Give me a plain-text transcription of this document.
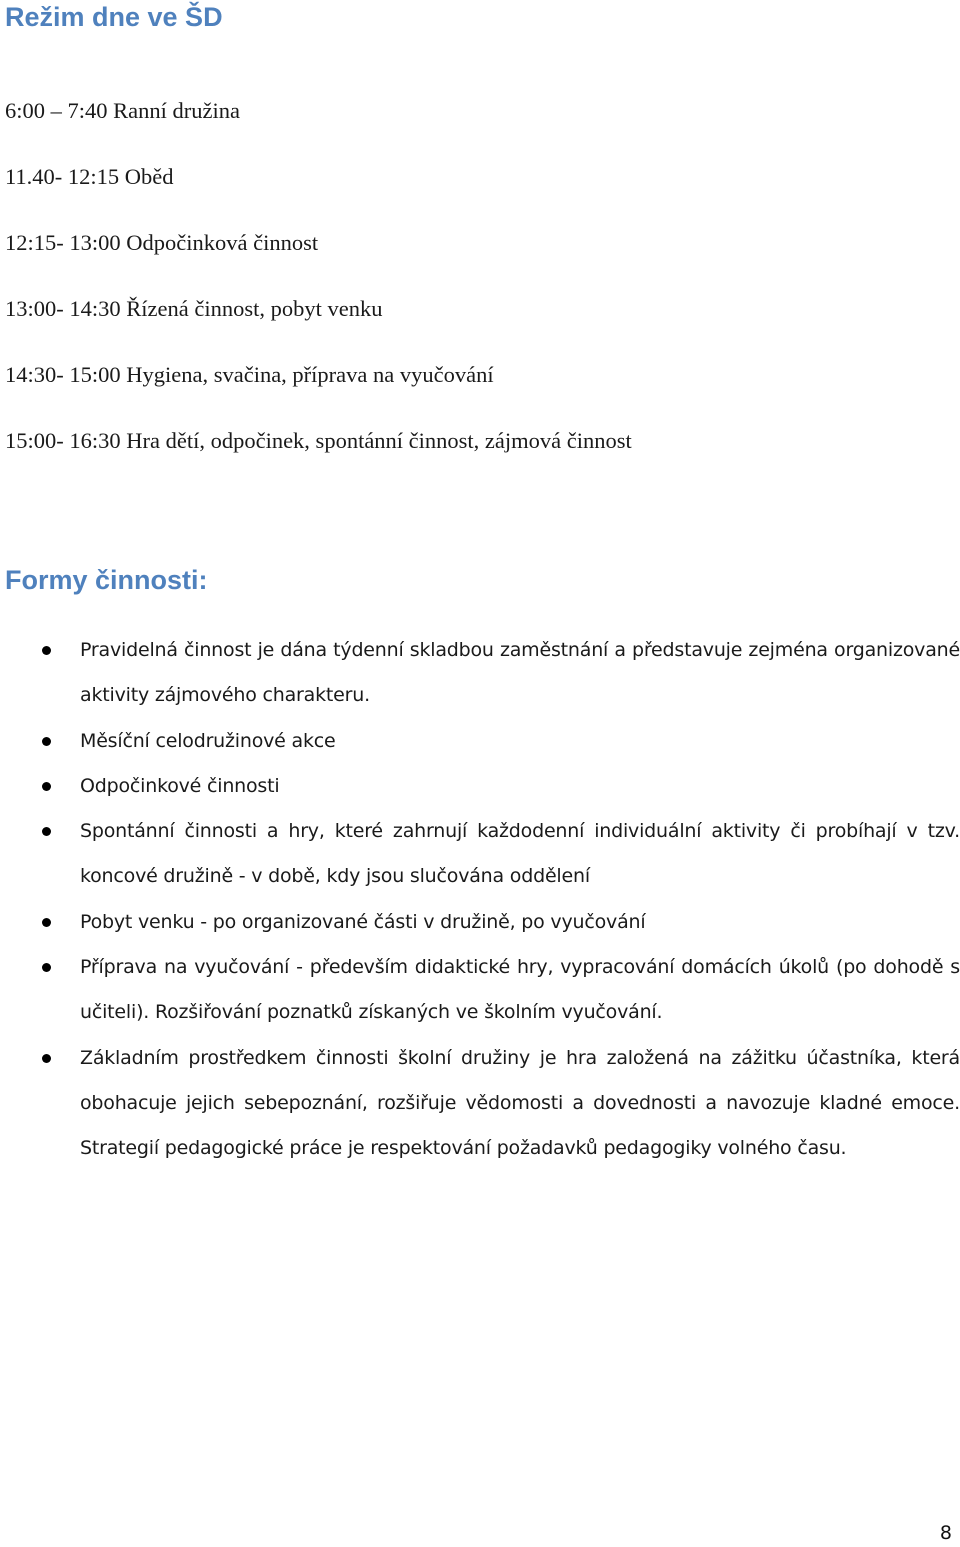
Režim dne ve ŠD
6:00 – 7:40 Ranní družina
11.40- 12:15 Oběd
12:15- 13:00 Odpočinková činnost
13:00- 14:30 Řízená činnost, pobyt venku
14:30- 15:00 Hygiena, svačina, příprava na vyučování
15:00- 16:30 Hra dětí, odpočinek, spontánní činnost, zájmová činnost
Formy činnosti:
Pravidelná činnost je dána týdenní skladbou zaměstnání a představuje zejména organizované aktivity zájmového charakteru.
Měsíční celodružinové akce
Odpočinkové činnosti
Spontánní činnosti a hry, které zahrnují každodenní individuální aktivity či probíhají v tzv. koncové družině - v době, kdy jsou slučována oddělení
Pobyt venku - po organizované části v družině, po vyučování
Příprava na vyučování - především didaktické hry, vypracování domácích úkolů (po dohodě s učiteli). Rozšiřování poznatků získaných ve školním vyučování.
Základním prostředkem činnosti školní družiny je hra založená na zážitku účastníka, která obohacuje jejich sebepoznání, rozšiřuje vědomosti a dovednosti a navozuje kladné emoce. Strategií pedagogické práce je respektování požadavků pedagogiky volného času.
8
